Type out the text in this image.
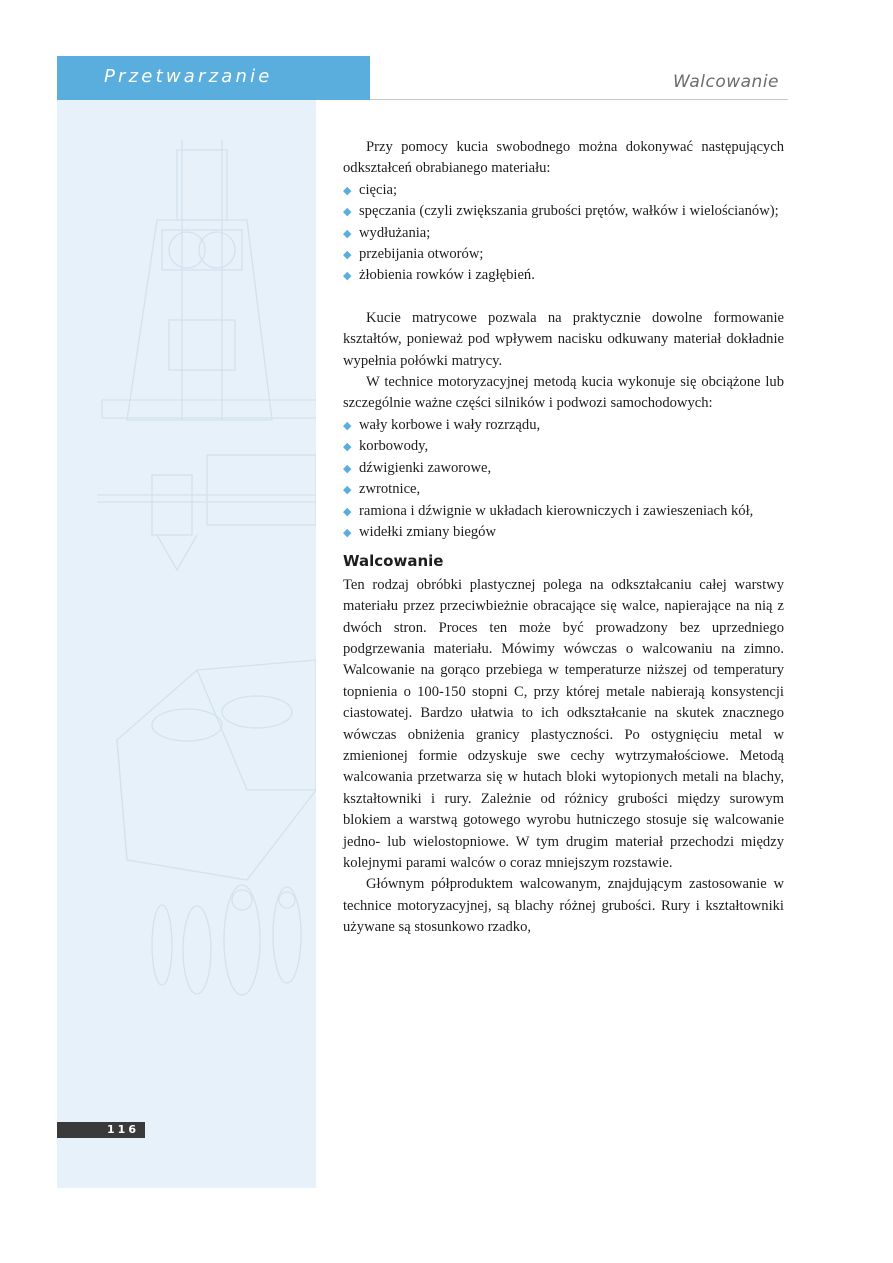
Przetwarzanie	Walcowanie
116

Przy pomocy kucia swobodnego można dokonywać następujących odkształceń obrabianego materiału:

◆ cięcia;
◆ spęczania (czyli zwiększania grubości prętów, wałków i wielościanów);
◆ wydłużania;
◆ przebijania otworów;
◆ żłobienia rowków i zagłębień.

Kucie matrycowe pozwala na praktycznie dowolne formowanie kształtów, ponieważ pod wpływem nacisku odkuwany materiał dokładnie wypełnia połówki matrycy.

W technice motoryzacyjnej metodą kucia wykonuje się obciążone lub szczególnie ważne części silników i podwozi samochodowych:

◆ wały korbowe i wały rozrządu,
◆ korbowody,
◆ dźwigienki zaworowe,
◆ zwrotnice,
◆ ramiona i dźwignie w układach kierowniczych i zawieszeniach kół,
◆ widełki zmiany biegów
Walcowanie

Ten rodzaj obróbki plastycznej polega na odkształcaniu całej warstwy materiału przez przeciwbieżnie obracające się walce, napierające na nią z dwóch stron. Proces ten może być prowadzony bez uprzedniego podgrzewania materiału. Mówimy wówczas o walcowaniu na zimno. Walcowanie na gorąco przebiega w temperaturze niższej od temperatury topnienia o 100-150 stopni C, przy której metale nabierają konsystencji ciastowatej. Bardzo ułatwia to ich odkształcanie na skutek znacznego wówczas obniżenia granicy plastyczności. Po ostygnięciu metal w zmienionej formie odzyskuje swe cechy wytrzymałościowe. Metodą walcowania przetwarza się w hutach bloki wytopionych metali na blachy, kształtowniki i rury. Zależnie od różnicy grubości między surowym blokiem a warstwą gotowego wyrobu hutniczego stosuje się walcowanie jedno- lub wielostopniowe. W tym drugim materiał przechodzi między kolejnymi parami walców o coraz mniejszym rozstawie.

Głównym półproduktem walcowanym, znajdującym zastosowanie w technice motoryzacyjnej, są blachy różnej grubości. Rury i kształtowniki używane są stosunkowo rzadko,
